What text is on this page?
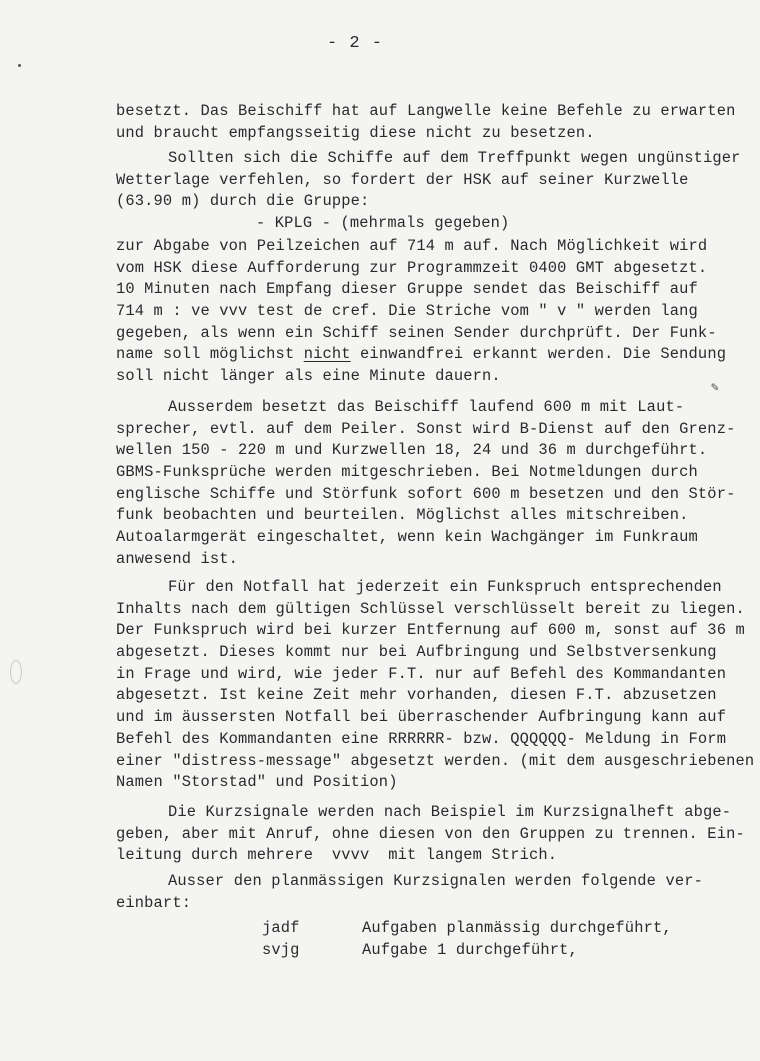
- 2 -
✎
besetzt. Das Beischiff hat auf Langwelle keine Befehle zu erwarten
und braucht empfangsseitig diese nicht zu besetzen.
Sollten sich die Schiffe auf dem Treffpunkt wegen ungünstiger
Wetterlage verfehlen, so fordert der HSK auf seiner Kurzwelle
(63.90 m) durch die Gruppe:
- KPLG - (mehrmals gegeben)
zur Abgabe von Peilzeichen auf 714 m auf. Nach Möglichkeit wird
vom HSK diese Aufforderung zur Programmzeit 0400 GMT abgesetzt.
10 Minuten nach Empfang dieser Gruppe sendet das Beischiff auf
714 m : ve vvv test de cref. Die Striche vom " v " werden lang
gegeben, als wenn ein Schiff seinen Sender durchprüft. Der Funk-
name soll möglichst nicht einwandfrei erkannt werden. Die Sendung
soll nicht länger als eine Minute dauern.
Ausserdem besetzt das Beischiff laufend 600 m mit Laut-
sprecher, evtl. auf dem Peiler. Sonst wird B-Dienst auf den Grenz-
wellen 150 - 220 m und Kurzwellen 18, 24 und 36 m durchgeführt.
GBMS-Funksprüche werden mitgeschrieben. Bei Notmeldungen durch
englische Schiffe und Störfunk sofort 600 m besetzen und den Stör-
funk beobachten und beurteilen. Möglichst alles mitschreiben.
Autoalarmgerät eingeschaltet, wenn kein Wachgänger im Funkraum
anwesend ist.
Für den Notfall hat jederzeit ein Funkspruch entsprechenden
Inhalts nach dem gültigen Schlüssel verschlüsselt bereit zu liegen.
Der Funkspruch wird bei kurzer Entfernung auf 600 m, sonst auf 36 m
abgesetzt. Dieses kommt nur bei Aufbringung und Selbstversenkung
in Frage und wird, wie jeder F.T. nur auf Befehl des Kommandanten
abgesetzt. Ist keine Zeit mehr vorhanden, diesen F.T. abzusetzen
und im äussersten Notfall bei überraschender Aufbringung kann auf
Befehl des Kommandanten eine RRRRRR- bzw. QQQQQQ- Meldung in Form
einer "distress-message" abgesetzt werden. (mit dem ausgeschriebenen
Namen "Storstad" und Position)
Die Kurzsignale werden nach Beispiel im Kurzsignalheft abge-
geben, aber mit Anruf, ohne diesen von den Gruppen zu trennen. Ein-
leitung durch mehrere  vvvv  mit langem Strich.
Ausser den planmässigen Kurzsignalen werden folgende ver-
einbart:
jadf	Aufgaben planmässig durchgeführt,
svjg	Aufgabe 1 durchgeführt,
